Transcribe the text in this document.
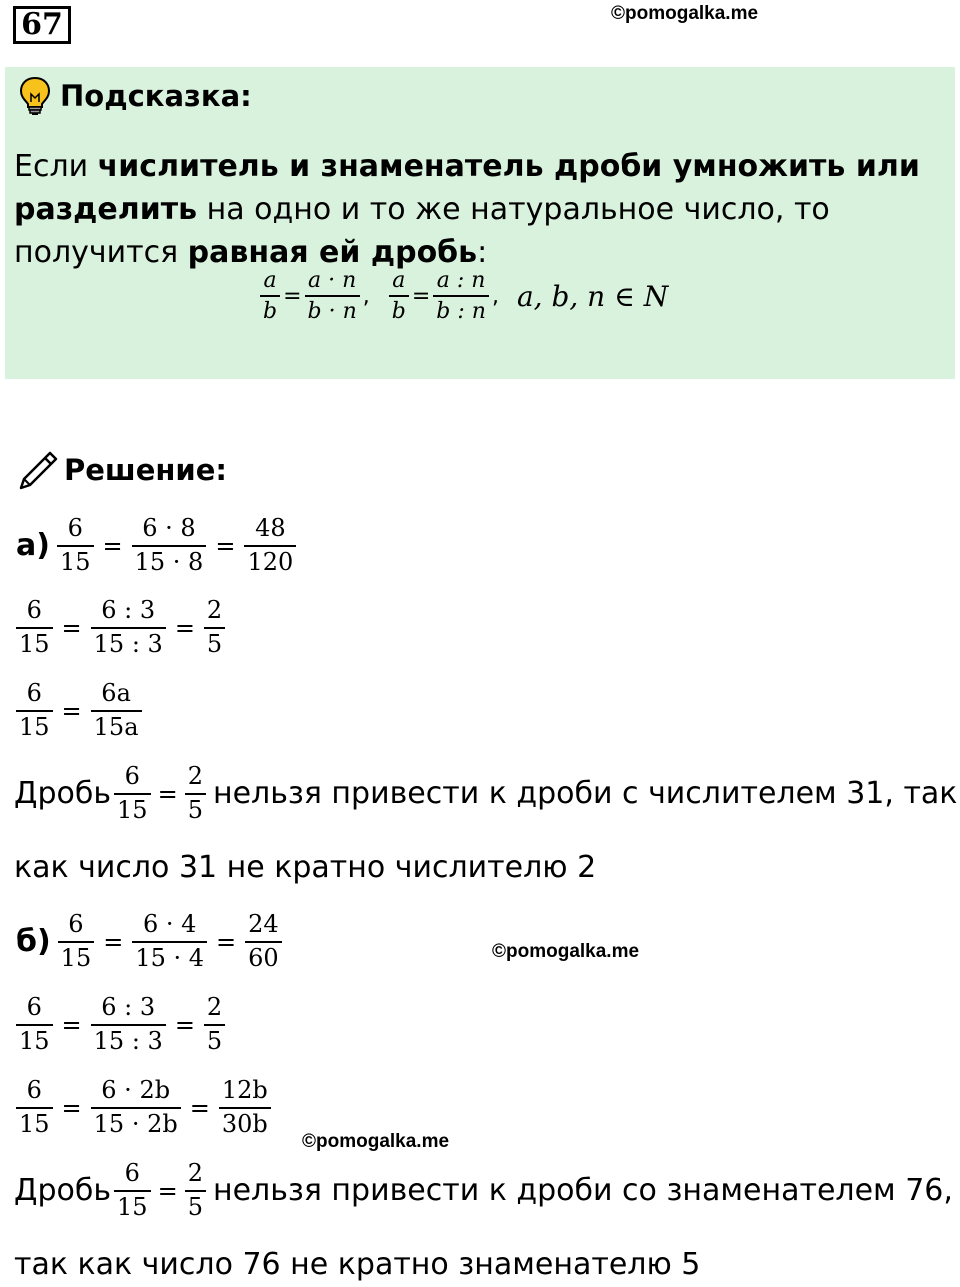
67	©pomogalka.me
©pomogalka.me
©pomogalka.me
Подсказка:
Если числитель и знаменатель дроби умножить или разделить на одно и то же натуральное число, то получится равная ей дробь:
$\frac{a}{b} = \frac{a \cdot n}{b \cdot n}$ , $\frac{a}{b} = \frac{a : n}{b : n}$ , a, b, n ∈ N
Решение:
$а) \frac{6}{15} = \frac{6 \cdot 8}{15 \cdot 8} = \frac{48}{120}$
$\frac{6}{15} = \frac{6 : 3}{15 : 3} = \frac{2}{5}$
$\frac{6}{15} = \frac{6a}{15a}$
Дробь $\frac{6}{15} = \frac{2}{5}$ нельзя привести к дроби с числителем 31, так
как число 31 не кратно числителю 2
$б) \frac{6}{15} = \frac{6 \cdot 4}{15 \cdot 4} = \frac{24}{60}$
$\frac{6}{15} = \frac{6 : 3}{15 : 3} = \frac{2}{5}$
$\frac{6}{15} = \frac{6 \cdot 2b}{15 \cdot 2b} = \frac{12b}{30b}$
Дробь $\frac{6}{15} = \frac{2}{5}$ нельзя привести к дроби со знаменателем 76,
так как число 76 не кратно знаменателю 5
